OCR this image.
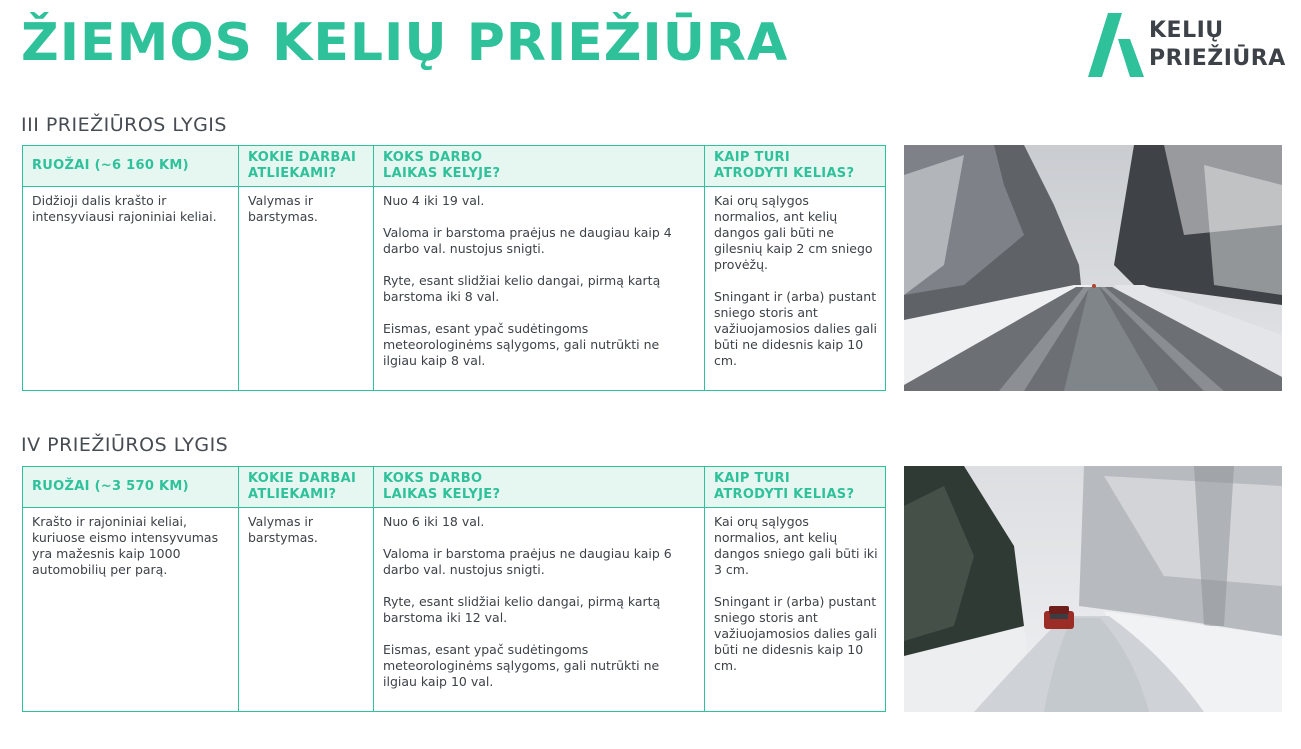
ŽIEMOS KELIŲ PRIEŽIŪRA	KELIŲ
PRIEŽIŪRA
III PRIEŽIŪROS LYGIS
RUOŽAI (~6 160 KM)
KOKIE DARBAI
ATLIEKAMI?
KOKS DARBO
LAIKAS KELYJE?
KAIP TURI
ATRODYTI KELIAS?

Didžioji dalis krašto ir intensyviausi rajoniniai keliai.

Valymas ir barstymas.

Nuo 4 iki 19 val.

Valoma ir barstoma praėjus ne daugiau kaip 4 darbo val. nustojus snigti.

Ryte, esant slidžiai kelio dangai, pirmą kartą barstoma iki 8 val.

Eismas, esant ypač sudėtingoms meteorologinėms sąlygoms, gali nutrūkti ne ilgiau kaip 8 val.

Kai orų sąlygos normalios, ant kelių dangos gali būti ne gilesnių kaip 2 cm sniego provėžų.

Sningant ir (arba) pustant sniego storis ant važiuojamosios dalies gali būti ne didesnis kaip 10 cm.

IV PRIEŽIŪROS LYGIS
RUOŽAI (~3 570 KM)
KOKIE DARBAI
ATLIEKAMI?
KOKS DARBO
LAIKAS KELYJE?
KAIP TURI
ATRODYTI KELIAS?

Krašto ir rajoniniai keliai, kuriuose eismo intensyvumas yra mažesnis kaip 1000 automobilių per parą.

Valymas ir barstymas.

Nuo 6 iki 18 val.

Valoma ir barstoma praėjus ne daugiau kaip 6 darbo val. nustojus snigti.

Ryte, esant slidžiai kelio dangai, pirmą kartą barstoma iki 12 val.

Eismas, esant ypač sudėtingoms meteorologinėms sąlygoms, gali nutrūkti ne ilgiau kaip 10 val.

Kai orų sąlygos normalios, ant kelių dangos sniego gali būti iki 3 cm.

Sningant ir (arba) pustant sniego storis ant važiuojamosios dalies gali būti ne didesnis kaip 10 cm.
